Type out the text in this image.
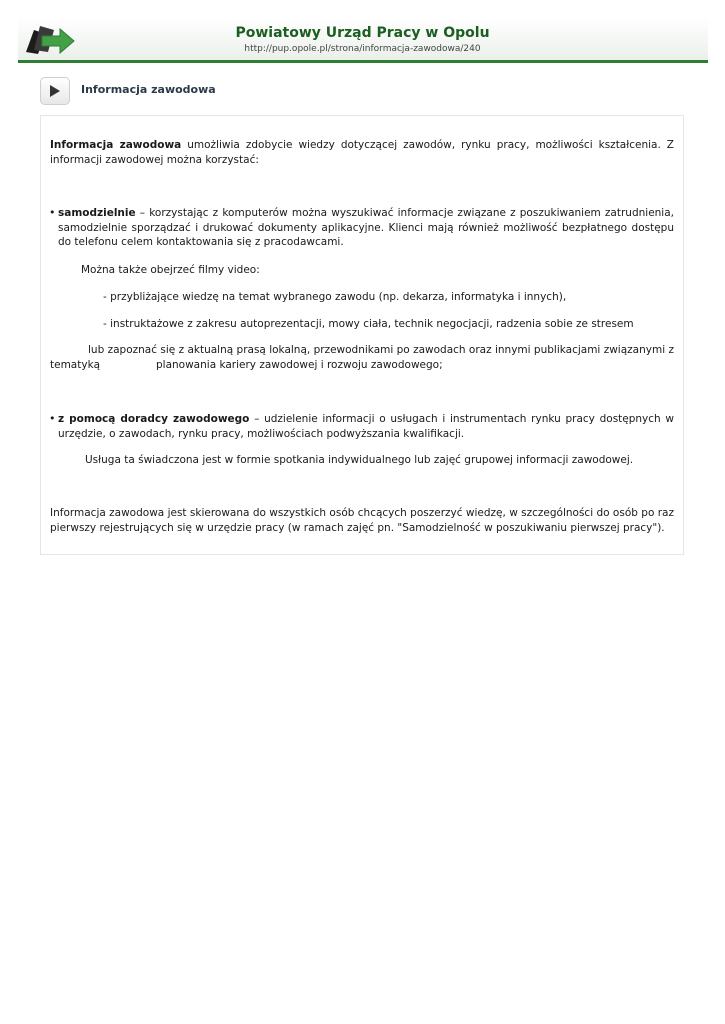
Powiatowy Urząd Pracy w Opolu
http://pup.opole.pl/strona/informacja-zawodowa/240
Informacja zawodowa
Informacja zawodowa umożliwia zdobycie wiedzy dotyczącej zawodów, rynku pracy, możliwości kształcenia. Z informacji zawodowej można korzystać:
• samodzielnie – korzystając z komputerów można wyszukiwać informacje związane z poszukiwaniem zatrudnienia, samodzielnie sporządzać i drukować dokumenty aplikacyjne. Klienci mają również możliwość bezpłatnego dostępu do telefonu celem kontaktowania się z pracodawcami.
Można także obejrzeć filmy video:
- przybliżające wiedzę na temat wybranego zawodu (np. dekarza, informatyka i innych),
- instruktażowe z zakresu autoprezentacji, mowy ciała, technik negocjacji, radzenia sobie ze stresem
lub zapoznać się z aktualną prasą lokalną, przewodnikami po zawodach oraz innymi publikacjami związanymi z
tematyką	planowania kariery zawodowej i rozwoju zawodowego;
• z pomocą doradcy zawodowego – udzielenie informacji o usługach i instrumentach rynku pracy dostępnych w urzędzie, o zawodach, rynku pracy, możliwościach podwyższania kwalifikacji.
Usługa ta świadczona jest w formie spotkania indywidualnego lub zajęć grupowej informacji zawodowej.
Informacja zawodowa jest skierowana do wszystkich osób chcących poszerzyć wiedzę, w szczególności do osób po raz pierwszy rejestrujących się w urzędzie pracy (w ramach zajęć pn. "Samodzielność w poszukiwaniu pierwszej pracy").
